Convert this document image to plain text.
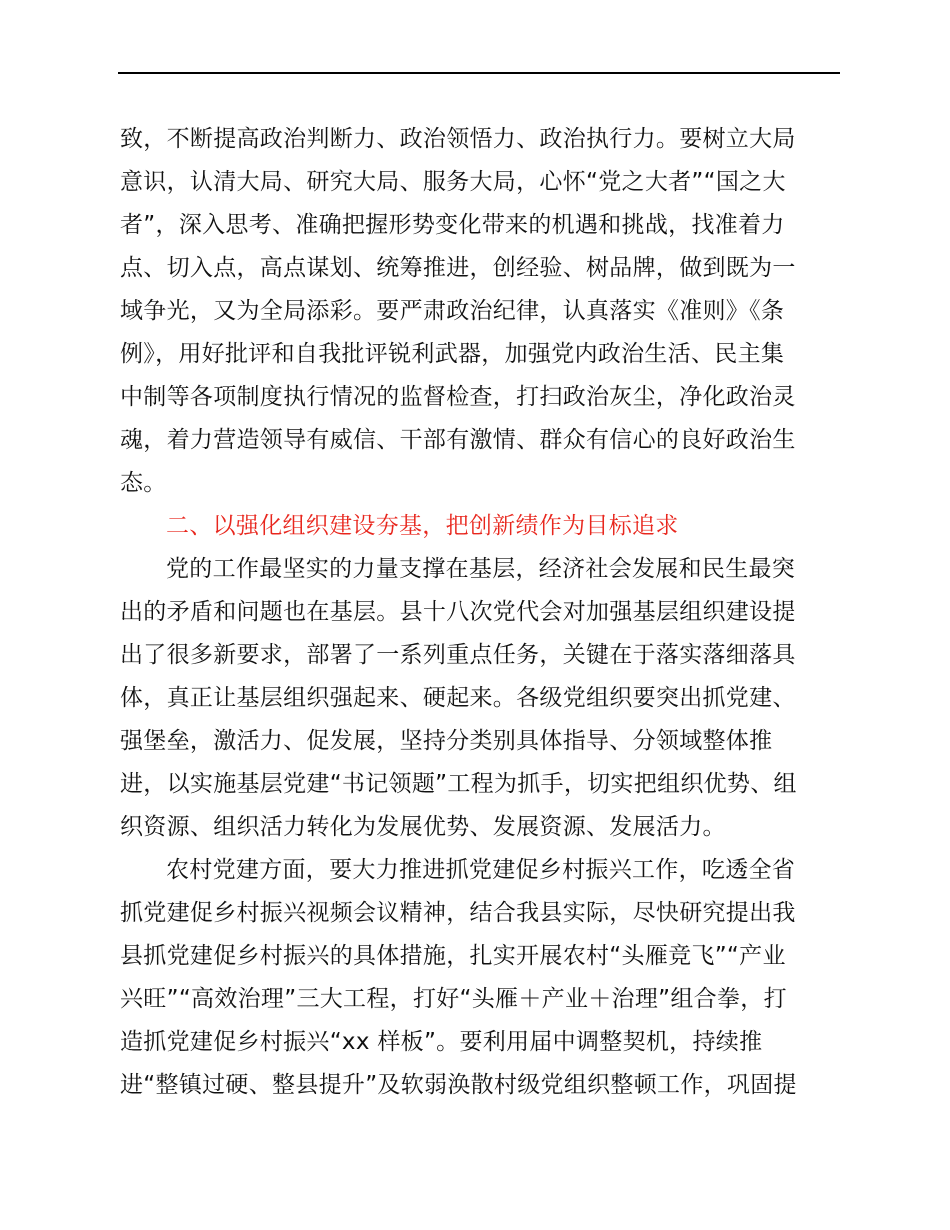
致，不断提高政治判断力、政治领悟力、政治执行力。要树立大局
意识，认清大局、研究大局、服务大局，心怀“党之大者”“国之大
者”，深入思考、准确把握形势变化带来的机遇和挑战，找准着力
点、切入点，高点谋划、统筹推进，创经验、树品牌，做到既为一
域争光，又为全局添彩。要严肃政治纪律，认真落实《准则》《条
例》，用好批评和自我批评锐利武器，加强党内政治生活、民主集
中制等各项制度执行情况的监督检查，打扫政治灰尘，净化政治灵
魂，着力营造领导有威信、干部有激情、群众有信心的良好政治生
态。
二、以强化组织建设夯基，把创新绩作为目标追求
党的工作最坚实的力量支撑在基层，经济社会发展和民生最突
出的矛盾和问题也在基层。县十八次党代会对加强基层组织建设提
出了很多新要求，部署了一系列重点任务，关键在于落实落细落具
体，真正让基层组织强起来、硬起来。各级党组织要突出抓党建、
强堡垒，激活力、促发展，坚持分类别具体指导、分领域整体推
进，以实施基层党建“书记领题”工程为抓手，切实把组织优势、组
织资源、组织活力转化为发展优势、发展资源、发展活力。
农村党建方面，要大力推进抓党建促乡村振兴工作，吃透全省
抓党建促乡村振兴视频会议精神，结合我县实际，尽快研究提出我
县抓党建促乡村振兴的具体措施，扎实开展农村“头雁竞飞”“产业
兴旺”“高效治理”三大工程，打好“头雁＋产业＋治理”组合拳，打
造抓党建促乡村振兴“xx 样板”。要利用届中调整契机，持续推
进“整镇过硬、整县提升”及软弱涣散村级党组织整顿工作，巩固提
